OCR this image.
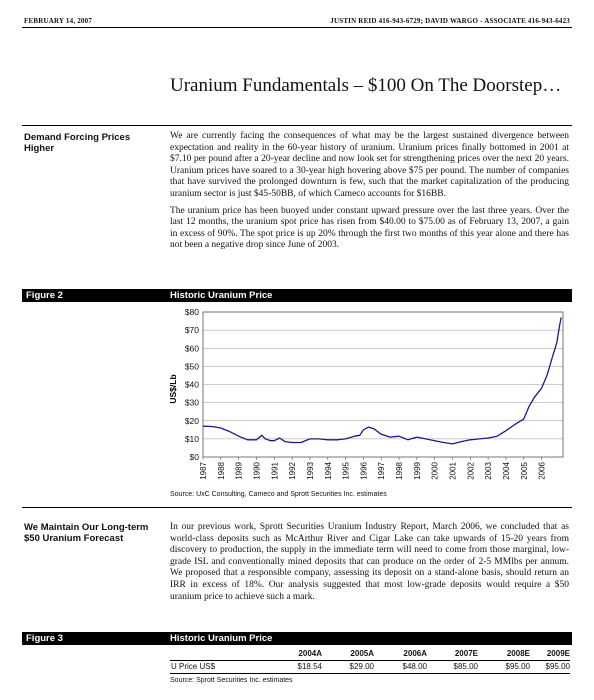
FEBRUARY 14, 2007	JUSTIN REID 416-943-6729; DAVID WARGO - ASSOCIATE 416-943-6423
Uranium Fundamentals – $100 On The Doorstep…
Demand Forcing Prices Higher

We are currently facing the consequences of what may be the largest sustained divergence between expectation and reality in the 60-year history of uranium. Uranium prices finally bottomed in 2001 at $7.10 per pound after a 20-year decline and now look set for strengthening prices over the next 20 years. Uranium prices have soared to a 30-year high hovering above $75 per pound. The number of companies that have survived the prolonged downturn is few, such that the market capitalization of the producing uranium sector is just $45-50BB, of which Cameco accounts for $16BB.

The uranium price has been buoyed under constant upward pressure over the last three years. Over the last 12 months, the uranium spot price has risen from $40.00 to $75.00 as of February 13, 2007, a gain in excess of 90%. The spot price is up 20% through the first two months of this year alone and there has not been a negative drop since June of 2003.

Figure 2	Historic Uranium Price
$0
$10
$20
$30
$40
$50
$60
$70
$80
1987 1988 1989 1990 1991 1992 1993 1994 1995 1996 1997 1998 1999 2000 2001 2002 2003 2004 2005 2006
US$/Lb
Source: UxC Consulting, Cameco and Sprott Securities Inc. estimates
We Maintain Our Long-term $50 Uranium Forecast

In our previous work, Sprott Securities Uranium Industry Report, March 2006, we concluded that as world-class deposits such as McArthur River and Cigar Lake can take upwards of 15-20 years from discovery to production, the supply in the immediate term will need to come from those marginal, low-grade ISL and conventionally mined deposits that can produce on the order of 2-5 MMlbs per annum. We proposed that a responsible company, assessing its deposit on a stand-alone basis, should return an IRR in excess of 18%. Our analysis suggested that most low-grade deposits would require a $50 uranium price to achieve such a mark.

Figure 3	Historic Uranium Price
2004A	2005A	2006A	2007E	2008E 2009E
U Price US$	$18.54	$29.00	$48.00	$85.00	$95.00 $95.00
Source: Sprott Securities Inc. estimates
